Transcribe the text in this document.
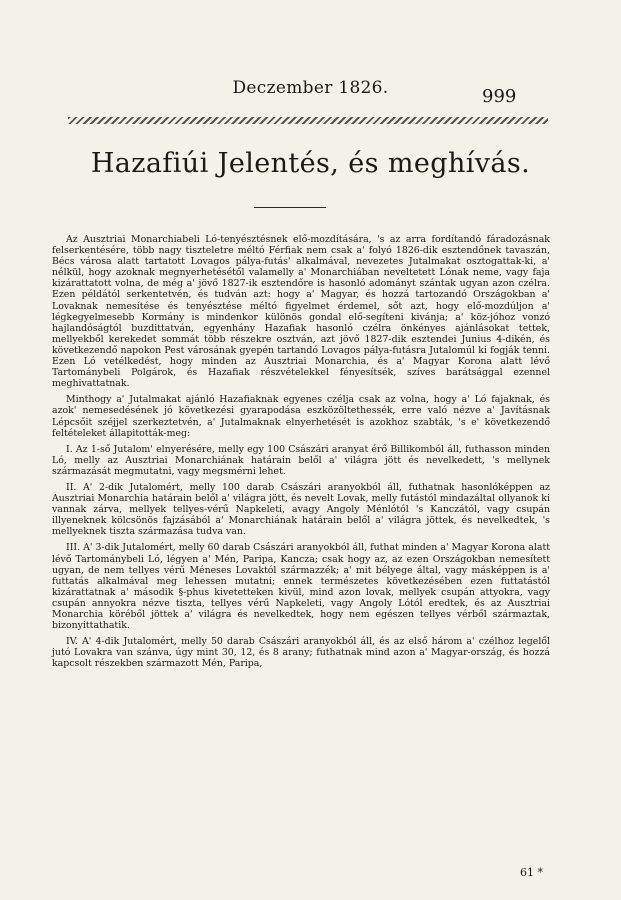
Deczember 1826.	999
Hazafiúi Jelentés, és meghívás.

Az Ausztriai Monarchiabeli Ló-tenyésztésnek elő-mozdítására, 's az arra fordítandó fáradozásnak felserkentésére, több nagy tiszteletre méltó Férfiak nem csak a' folyó 1826-dik esztendőnek tavaszán, Bécs városa alatt tartatott Lovagos pálya-futás' alkalmával, nevezetes Jutalmakat osztogattak-ki, a' nélkül, hogy azoknak megnyerhetésétől valamelly a' Monarchiában neveltetett Lónak neme, vagy faja kizárattatott volna, de még a' jövő 1827-ik esztendőre is hasonló adományt szántak ugyan azon czélra. Ezen példától serkentetvén, és tudván azt: hogy a' Magyar, és hozzá tartozandó Országokban a' Lovaknak nemesítése és tenyésztése méltó figyelmet érdemel, sőt azt, hogy elő-mozdúljon a' légkegyelmesebb Kormány is mindenkor különös gondal elő-segíteni kivánja; a' köz-jóhoz vonzó hajlandóságtól buzdittatván, egyenhány Hazafiak hasonló czélra önkényes ajánlásokat tettek, mellyekből kerekedet sommát több részekre osztván, azt jövő 1827-dik esztendei Junius 4-dikén, és következendő napokon Pest városának gyepén tartandó Lovagos pálya-futásra Jutalomúl ki fogják tenni. Ezen Ló vetélkedést, hogy minden az Ausztriai Monarchia, és a' Magyar Korona alatt lévő Tartománybeli Polgárok, és Hazafiak részvételekkel fényesítsék, szíves barátsággal ezennel meghivattatnak.

Minthogy a' Jutalmakat ajánló Hazafiaknak egyenes czélja csak az volna, hogy a' Ló fajaknak, és azok' nemesedésének jó következési gyarapodása eszközöltethessék, erre való nézve a' Javításnak Lépcsőit széjjel szerkeztetvén, a' Jutalmaknak elnyerhetését is azokhoz szabták, 's e' következendő feltételeket állapitották-meg:

I. Az 1-ső Jutalom' elnyerésére, melly egy 100 Császári aranyat érő Billikomból áll, futhasson minden Ló, melly az Ausztriai Monarchiának határain belől a' világra jött és nevelkedett, 's mellynek származását megmutatni, vagy megsmérni lehet.

II. A' 2-dik Jutalomért, melly 100 darab Császári aranyokból áll, futhatnak hasonlóképpen az Ausztriai Monarchia határain belől a' világra jött, és nevelt Lovak, melly futástól mindazáltal ollyanok ki vannak zárva, mellyek tellyes-vérű Napkeleti, avagy Angoly Ménlótól 's Kanczától, vagy csupán illyeneknek kölcsönös fajzásából a' Monarchiának határain belől a' világra jöttek, és nevelkedtek, 's mellyeknek tiszta származása tudva van.

III. A' 3-dik Jutalomért, melly 60 darab Császári aranyokból áll, futhat minden a' Magyar Korona alatt lévő Tartománybeli Ló, légyen a' Mén, Paripa, Kancza; csak hogy az, az ezen Országokban nemesített ugyan, de nem tellyes vérű Méneses Lovaktól származzék; a' mit bélyege által, vagy másképpen is a' futtatás alkalmával meg lehessen mutatni; ennek természetes következésében ezen futtatástól kizárattatnak a' második §-phus kivetetteken kivül, mind azon lovak, mellyek csupán attyokra, vagy csupán annyokra nézve tiszta, tellyes vérű Napkeleti, vagy Angoly Lótól eredtek, és az Ausztriai Monarchia köréből jöttek a' világra és nevelkedtek, hogy nem egészen tellyes vérből származtak, bizonyittathatik.

IV. A' 4-dik Jutalomért, melly 50 darab Császári aranyokból áll, és az első három a' czélhoz legelől jutó Lovakra van szánva, úgy mint 30, 12, és 8 arany; futhatnak mind azon a' Magyar-ország, és hozzá kapcsolt részekben származott Mén, Paripa,

61 *
